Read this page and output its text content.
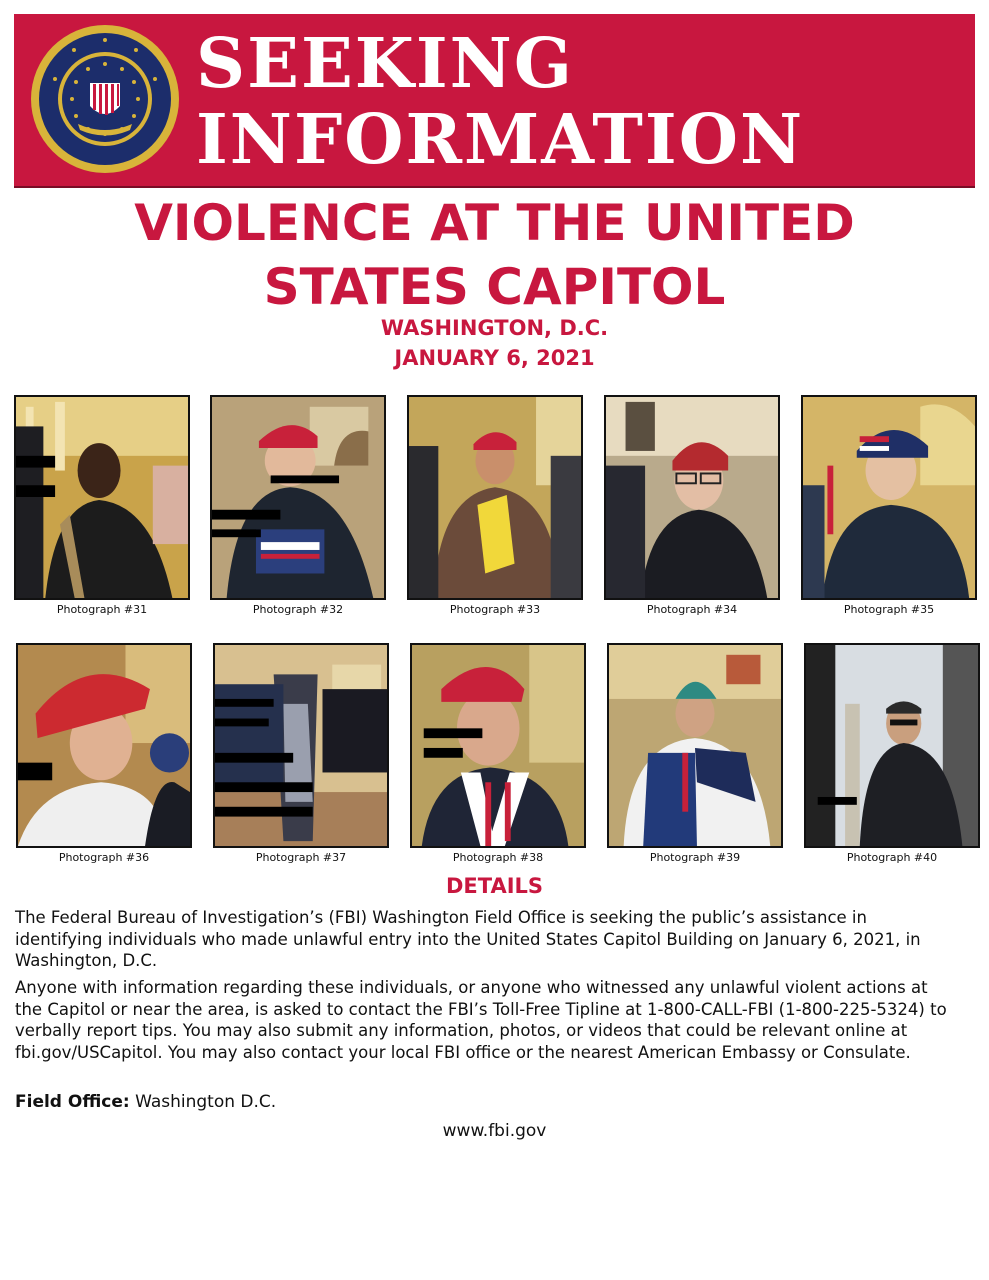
SEEKING
INFORMATION
VIOLENCE AT THE UNITED
STATES CAPITOL
WASHINGTON, D.C.
JANUARY 6, 2021
Photograph #31	Photograph #32	Photograph #33	Photograph #34	Photograph #35
Photograph #36	Photograph #37	Photograph #38	Photograph #39	Photograph #40
DETAILS
The Federal Bureau of Investigation’s (FBI) Washington Field Office is seeking the public’s assistance in identifying individuals who made unlawful entry into the United States Capitol Building on January 6, 2021, in Washington, D.C.
Anyone with information regarding these individuals, or anyone who witnessed any unlawful violent actions at the Capitol or near the area, is asked to contact the FBI’s Toll-Free Tipline at 1-800-CALL-FBI (1-800-225-5324) to verbally report tips. You may also submit any information, photos, or videos that could be relevant online at fbi.gov/USCapitol. You may also contact your local FBI office or the nearest American Embassy or Consulate.
Field Office: Washington D.C.
www.fbi.gov
